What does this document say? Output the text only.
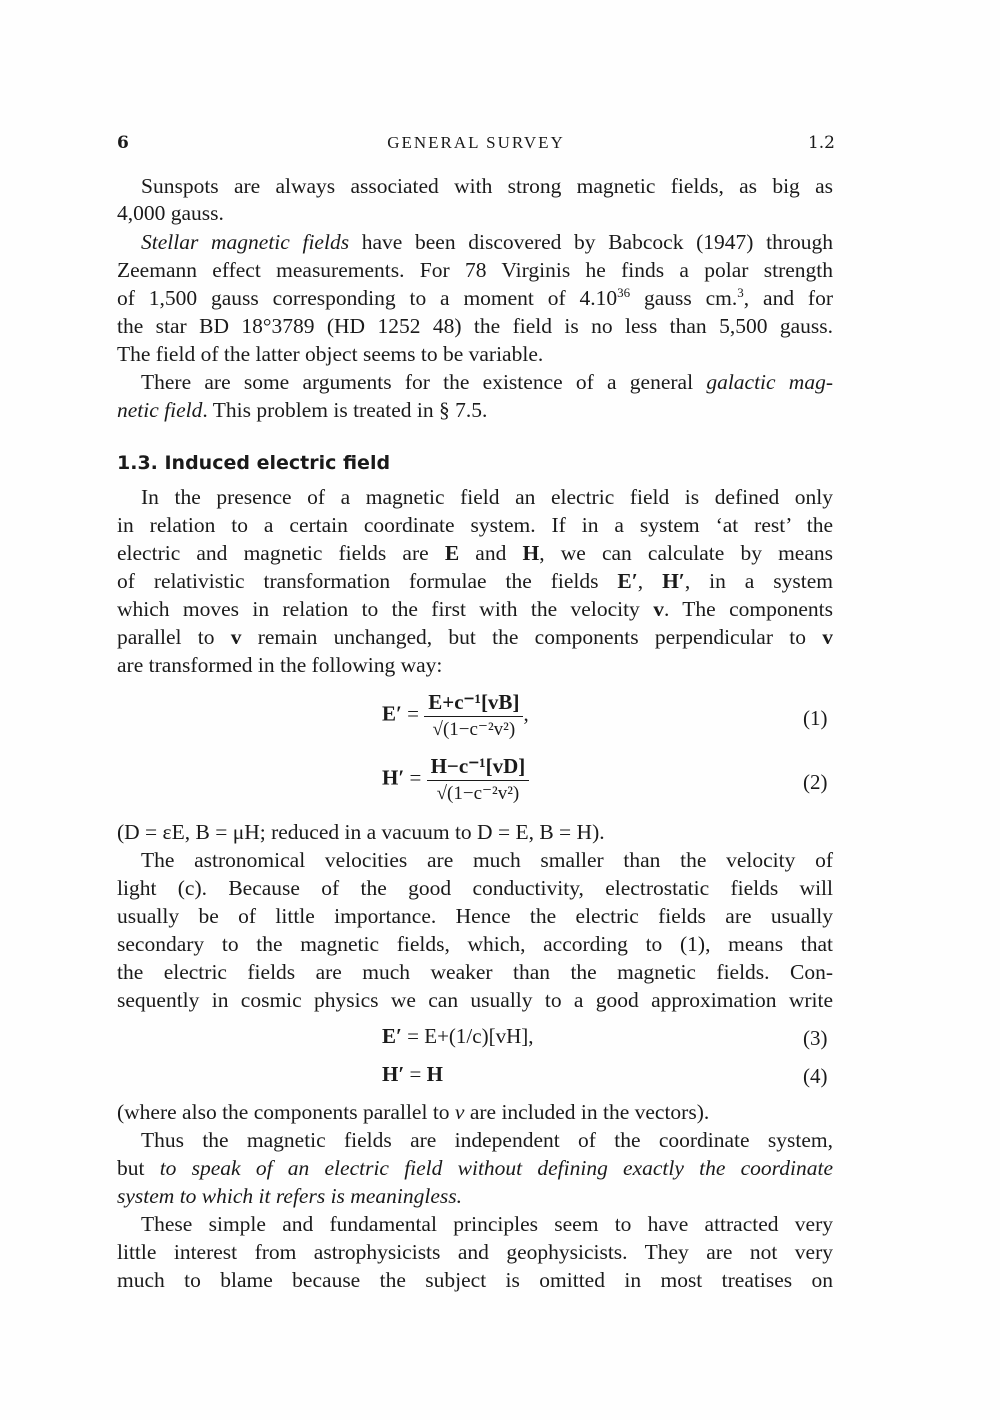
6	GENERAL SURVEY	1.2
Sunspots are always associated with strong magnetic fields, as big as
4,000 gauss.
Stellar magnetic fields have been discovered by Babcock (1947) through
Zeemann effect measurements. For 78 Virginis he finds a polar strength
of 1,500 gauss corresponding to a moment of 4.10$^{36}$ gauss cm.$^3$, and for
the star BD 18°3789 (HD 1252 48) the field is no less than 5,500 gauss.
The field of the latter object seems to be variable.
There are some arguments for the existence of a general galactic mag-
netic field. This problem is treated in § 7.5.
1.3. Induced electric field
In the presence of a magnetic field an electric field is defined only
in relation to a certain coordinate system. If in a system ‘at rest’ the
electric and magnetic fields are E and H, we can calculate by means
of relativistic transformation formulae the fields E′, H′, in a system
which moves in relation to the first with the velocity v. The components
parallel to v remain unchanged, but the components perpendicular to v
are transformed in the following way:
$E' = \frac{\text{E+c⁻¹[vB]}}{\text{√(1−c⁻²v²)}}$ ,	(1)
$H' = \frac{\text{H−c⁻¹[vD]}}{\text{√(1−c⁻²v²)}}$	(2)
(D = εE, B = μH; reduced in a vacuum to D = E, B = H).
The astronomical velocities are much smaller than the velocity of
light (c). Because of the good conductivity, electrostatic fields will
usually be of little importance. Hence the electric fields are usually
secondary to the magnetic fields, which, according to (1), means that
the electric fields are much weaker than the magnetic fields. Con-
sequently in cosmic physics we can usually to a good approximation write
E′ = E+(1/c)[vH],	(3)
H′ = H	(4)
(where also the components parallel to v are included in the vectors).
Thus the magnetic fields are independent of the coordinate system,
but to speak of an electric field without defining exactly the coordinate
system to which it refers is meaningless.
These simple and fundamental principles seem to have attracted very
little interest from astrophysicists and geophysicists. They are not very
much to blame because the subject is omitted in most treatises on
